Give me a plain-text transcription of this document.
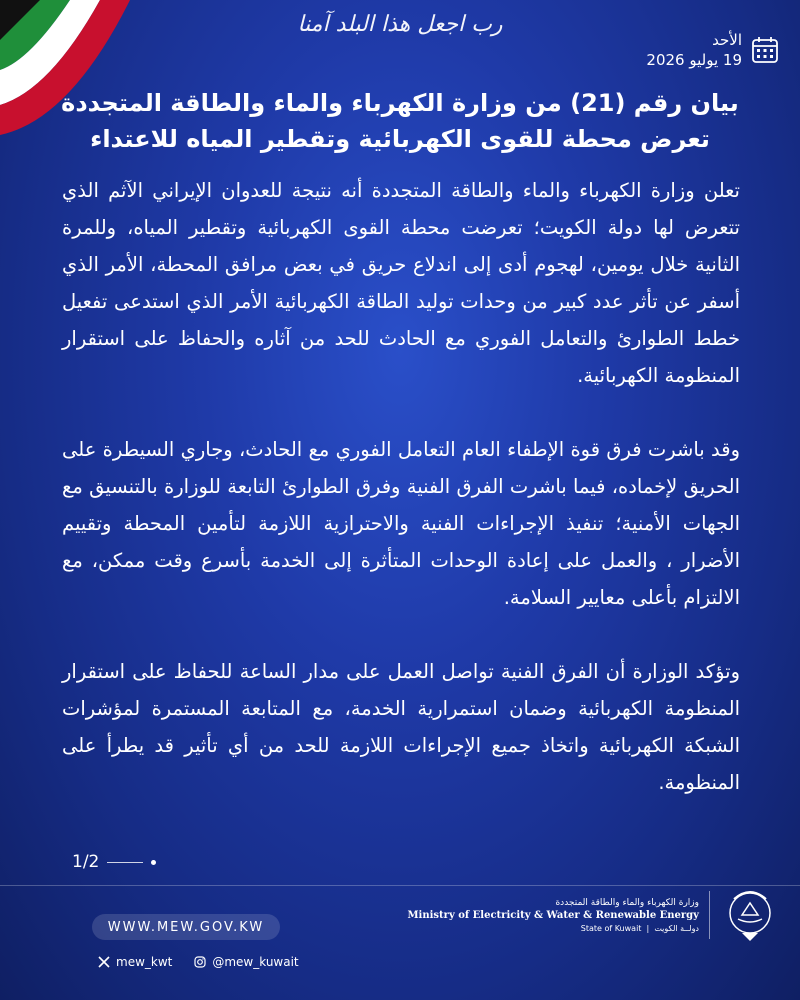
رب اجعل هذا البلد آمنا
الأحد
19 يوليو 2026
بيان رقم (21) من وزارة الكهرباء والماء والطاقة المتجددة
تعرض محطة للقوى الكهربائية وتقطير المياه للاعتداء

تعلن وزارة الكهرباء والماء والطاقة المتجددة أنه نتيجة للعدوان الإيراني الآثم الذي تتعرض لها دولة الكويت؛ تعرضت محطة القوى الكهربائية وتقطير المياه، وللمرة الثانية خلال يومين، لهجوم أدى إلى اندلاع حريق في بعض مرافق المحطة، الأمر الذي أسفر عن تأثر عدد كبير من وحدات توليد الطاقة الكهربائية الأمر الذي استدعى تفعيل خطط الطوارئ والتعامل الفوري مع الحادث للحد من آثاره والحفاظ على استقرار المنظومة الكهربائية.

وقد باشرت فرق قوة الإطفاء العام التعامل الفوري مع الحادث، وجاري السيطرة على الحريق لإخماده، فيما باشرت الفرق الفنية وفرق الطوارئ التابعة للوزارة بالتنسيق مع الجهات الأمنية؛ تنفيذ الإجراءات الفنية والاحترازية اللازمة لتأمين المحطة وتقييم الأضرار ، والعمل على إعادة الوحدات المتأثرة إلى الخدمة بأسرع وقت ممكن، مع الالتزام بأعلى معايير السلامة.

وتؤكد الوزارة أن الفرق الفنية تواصل العمل على مدار الساعة للحفاظ على استقرار المنظومة الكهربائية وضمان استمرارية الخدمة، مع المتابعة المستمرة لمؤشرات الشبكة الكهربائية واتخاذ جميع الإجراءات اللازمة للحد من أي تأثير قد يطرأ على المنظومة.

1/2
WWW.MEW.GOV.KW
mew_kwt	@mew_kuwait
وزارة الكهرباء والماء والطاقة المتجددة
Ministry of Electricity & Water & Renewable Energy
State of Kuwait  |  دولــة الكويت
